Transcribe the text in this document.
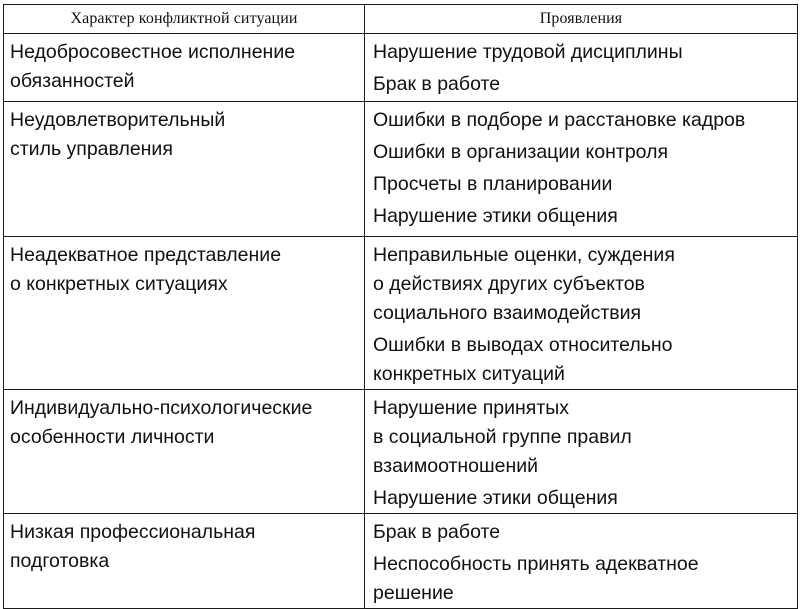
Характер конфликтной ситуации	Проявления

Недобросовестное исполнение
обязанностей	Нарушение трудовой дисциплины
Брак в работе

Неудовлетворительный
стиль управления	Ошибки в подборе и расстановке кадров
Ошибки в организации контроля
Просчеты в планировании
Нарушение этики общения

Неадекватное представление
о конкретных ситуациях	Неправильные оценки, суждения
о действиях других субъектов
социального взаимодействия
Ошибки в выводах относительно
конкретных ситуаций

Индивидуально-психологические
особенности личности	Нарушение принятых
в социальной группе правил
взаимоотношений
Нарушение этики общения

Низкая профессиональная
подготовка	Брак в работе
Неспособность принять адекватное
решение
